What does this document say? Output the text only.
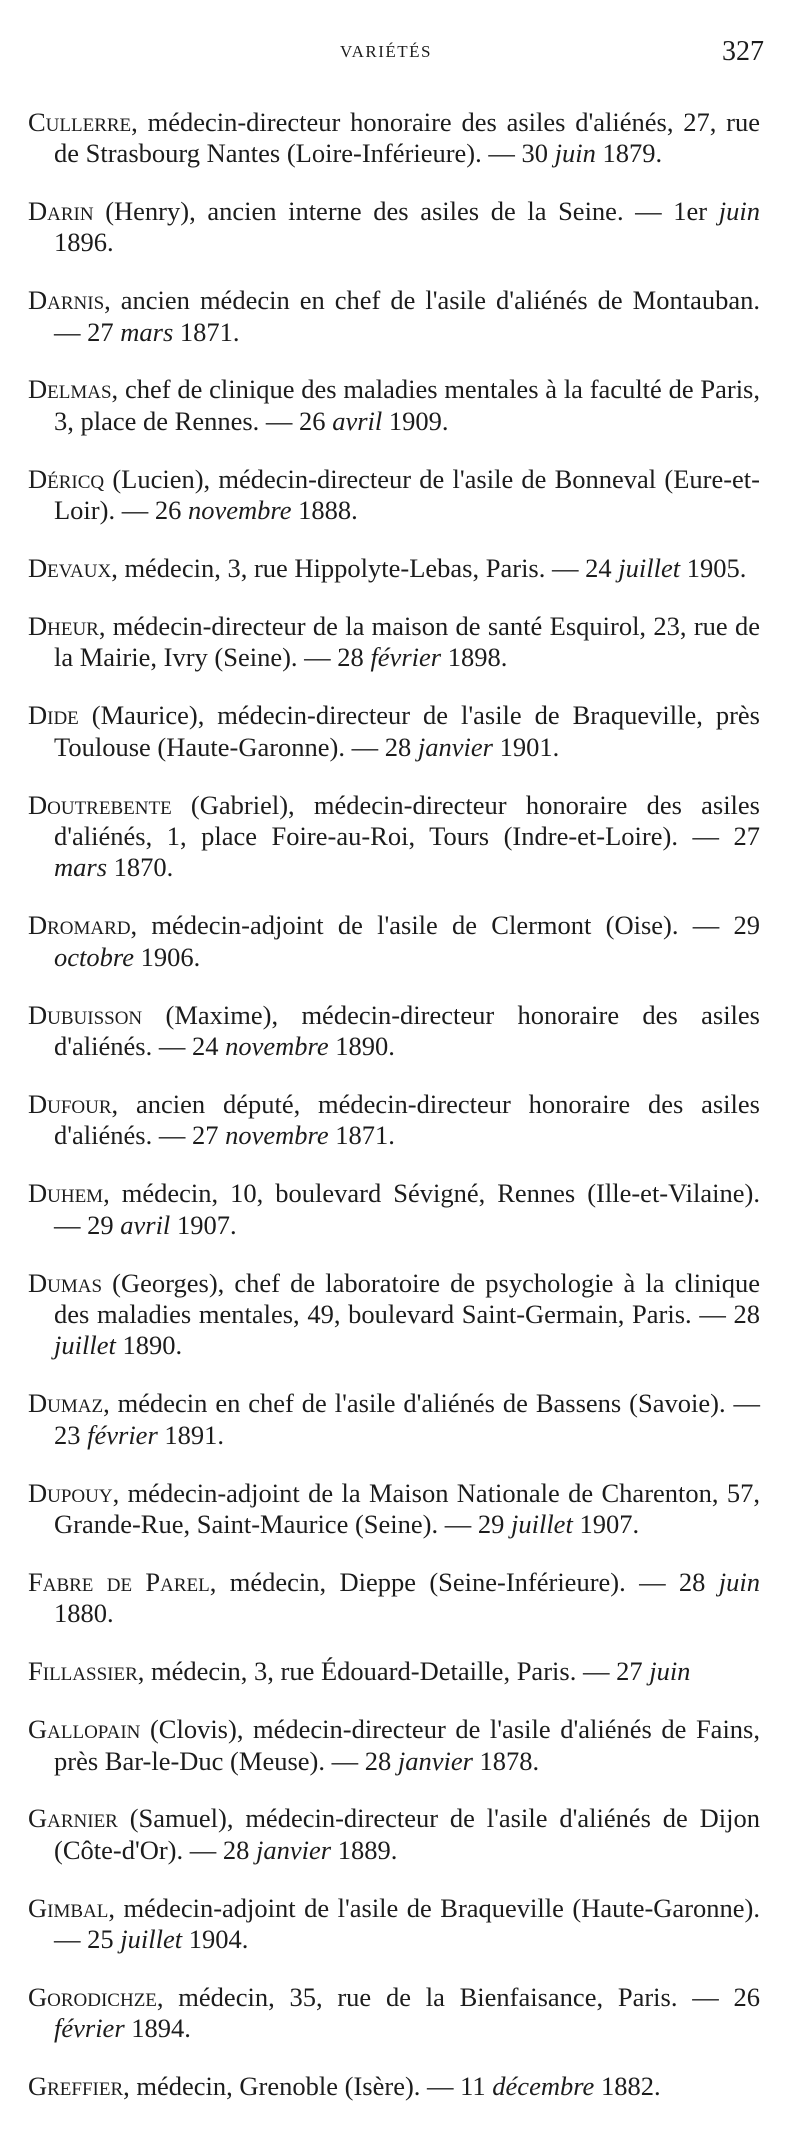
VARIÉTÉS	327

Cullerre, médecin-directeur honoraire des asiles d'aliénés, 27, rue de Strasbourg Nantes (Loire-Inférieure). — 30 juin 1879.

Darin (Henry), ancien interne des asiles de la Seine. — 1er juin 1896.

Darnis, ancien médecin en chef de l'asile d'aliénés de Montauban. — 27 mars 1871.

Delmas, chef de clinique des maladies mentales à la faculté de Paris, 3, place de Rennes. — 26 avril 1909.

Déricq (Lucien), médecin-directeur de l'asile de Bonneval (Eure-et-Loir). — 26 novembre 1888.

Devaux, médecin, 3, rue Hippolyte-Lebas, Paris. — 24 juillet 1905.

Dheur, médecin-directeur de la maison de santé Esquirol, 23, rue de la Mairie, Ivry (Seine). — 28 février 1898.

Dide (Maurice), médecin-directeur de l'asile de Braqueville, près Toulouse (Haute-Garonne). — 28 janvier 1901.

Doutrebente (Gabriel), médecin-directeur honoraire des asiles d'aliénés, 1, place Foire-au-Roi, Tours (Indre-et-Loire). — 27 mars 1870.

Dromard, médecin-adjoint de l'asile de Clermont (Oise). — 29 octobre 1906.

Dubuisson (Maxime), médecin-directeur honoraire des asiles d'aliénés. — 24 novembre 1890.

Dufour, ancien député, médecin-directeur honoraire des asiles d'aliénés. — 27 novembre 1871.

Duhem, médecin, 10, boulevard Sévigné, Rennes (Ille-et-Vilaine). — 29 avril 1907.

Dumas (Georges), chef de laboratoire de psychologie à la clinique des maladies mentales, 49, boulevard Saint-Germain, Paris. — 28 juillet 1890.

Dumaz, médecin en chef de l'asile d'aliénés de Bassens (Savoie). — 23 février 1891.

Dupouy, médecin-adjoint de la Maison Nationale de Charenton, 57, Grande-Rue, Saint-Maurice (Seine). — 29 juillet 1907.

Fabre de Parel, médecin, Dieppe (Seine-Inférieure). — 28 juin 1880.

Fillassier, médecin, 3, rue Édouard-Detaille, Paris. — 27 juin

Gallopain (Clovis), médecin-directeur de l'asile d'aliénés de Fains, près Bar-le-Duc (Meuse). — 28 janvier 1878.

Garnier (Samuel), médecin-directeur de l'asile d'aliénés de Dijon (Côte-d'Or). — 28 janvier 1889.

Gimbal, médecin-adjoint de l'asile de Braqueville (Haute-Garonne). — 25 juillet 1904.

Gorodichze, médecin, 35, rue de la Bienfaisance, Paris. — 26 février 1894.

Greffier, médecin, Grenoble (Isère). — 11 décembre 1882.
